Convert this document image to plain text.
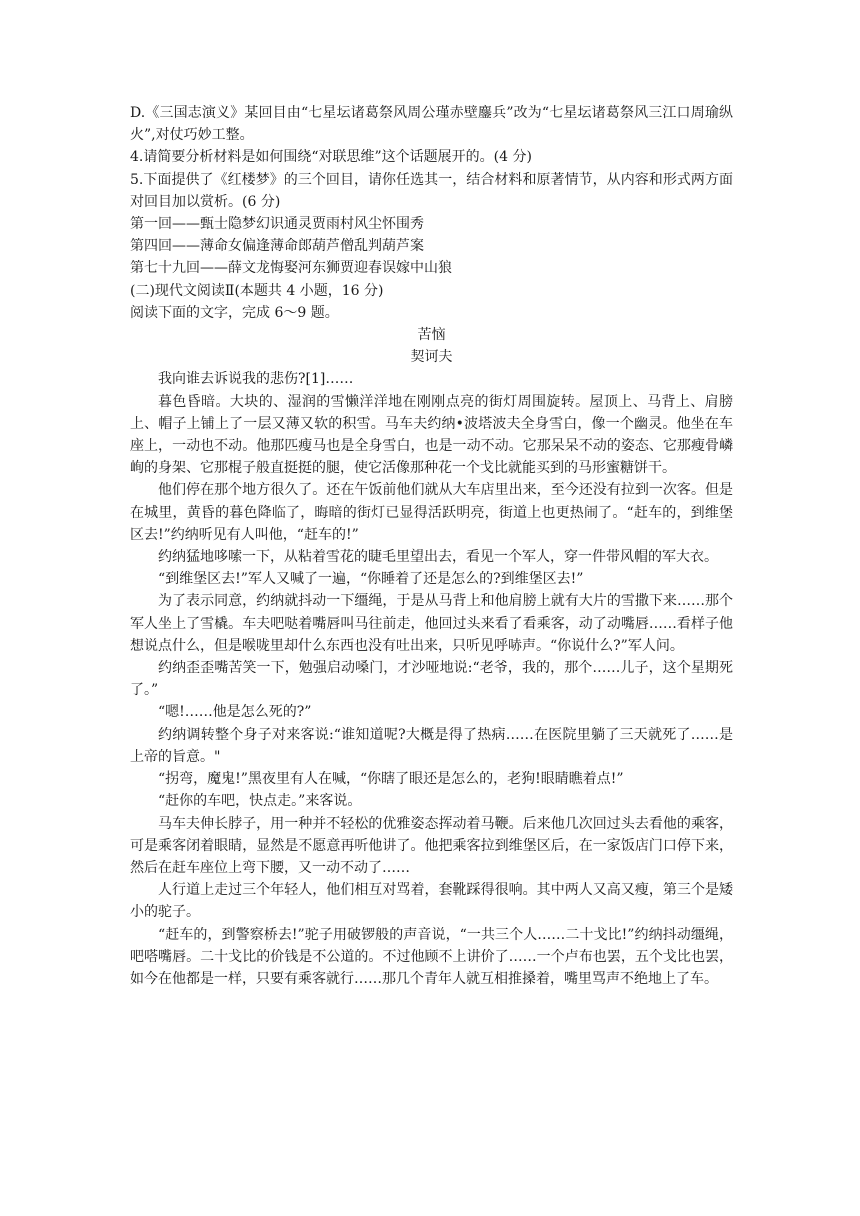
D.《三国志演义》某回目由“七星坛诸葛祭风周公瑾赤壁鏖兵”改为“七星坛诸葛祭风三江口周瑜纵火”,对仗巧妙工整。

4.请简要分析材料是如何围绕“对联思维”这个话题展开的。(4 分)

5.下面提供了《红楼梦》的三个回目，请你任选其一，结合材料和原著情节，从内容和形式两方面对回目加以赏析。(6 分)

第一回——甄士隐梦幻识通灵贾雨村风尘怀围秀

第四回——薄命女偏逢薄命郎葫芦僧乱判葫芦案

第七十九回——薛文龙悔娶河东狮贾迎春误嫁中山狼

(二)现代文阅读Ⅱ(本题共 4 小题，16 分)

阅读下面的文字，完成 6～9 题。

苦恼

契诃夫

我向谁去诉说我的悲伤?[1]……

暮色昏暗。大块的、湿润的雪懒洋洋地在刚刚点亮的街灯周围旋转。屋顶上、马背上、肩膀上、帽子上铺上了一层又薄又软的积雪。马车夫约纳•波塔波夫全身雪白，像一个幽灵。他坐在车座上，一动也不动。他那匹瘦马也是全身雪白，也是一动不动。它那呆呆不动的姿态、它那瘦骨嶙峋的身架、它那棍子般直挺挺的腿，使它活像那种花一个戈比就能买到的马形蜜糖饼干。

他们停在那个地方很久了。还在午饭前他们就从大车店里出来，至今还没有拉到一次客。但是在城里，黄昏的暮色降临了，晦暗的街灯已显得活跃明亮，街道上也更热闹了。“赶车的，到维堡区去!”约纳听见有人叫他，“赶车的!”

约纳猛地哆嗦一下，从粘着雪花的睫毛里望出去，看见一个军人，穿一件带风帽的军大衣。

“到维堡区去!”军人又喊了一遍，“你睡着了还是怎么的?到维堡区去!”

为了表示同意，约纳就抖动一下缰绳，于是从马背上和他肩膀上就有大片的雪撒下来……那个军人坐上了雪橇。车夫吧哒着嘴唇叫马往前走，他回过头来看了看乘客，动了动嘴唇……看样子他想说点什么，但是喉咙里却什么东西也没有吐出来，只听见呼哧声。“你说什么?”军人问。

约纳歪歪嘴苦笑一下，勉强启动嗓门，才沙哑地说:“老爷，我的，那个……儿子，这个星期死了。”

“嗯!……他是怎么死的?”

约纳调转整个身子对来客说:“谁知道呢?大概是得了热病……在医院里躺了三天就死了……是上帝的旨意。"

“拐弯，魔鬼!”黑夜里有人在喊，“你瞎了眼还是怎么的，老狗!眼睛瞧着点!”

“赶你的车吧，快点走。”来客说。

马车夫伸长脖子，用一种并不轻松的优雅姿态挥动着马鞭。后来他几次回过头去看他的乘客，可是乘客闭着眼睛，显然是不愿意再听他讲了。他把乘客拉到维堡区后，在一家饭店门口停下来，然后在赶车座位上弯下腰，又一动不动了……

人行道上走过三个年轻人，他们相互对骂着，套靴踩得很响。其中两人又高又瘦，第三个是矮小的驼子。

“赶车的，到警察桥去!”驼子用破锣般的声音说，“一共三个人……二十戈比!”约纳抖动缰绳，吧嗒嘴唇。二十戈比的价钱是不公道的。不过他顾不上讲价了……一个卢布也罢，五个戈比也罢，如今在他都是一样，只要有乘客就行……那几个青年人就互相推搡着，嘴里骂声不绝地上了车。
